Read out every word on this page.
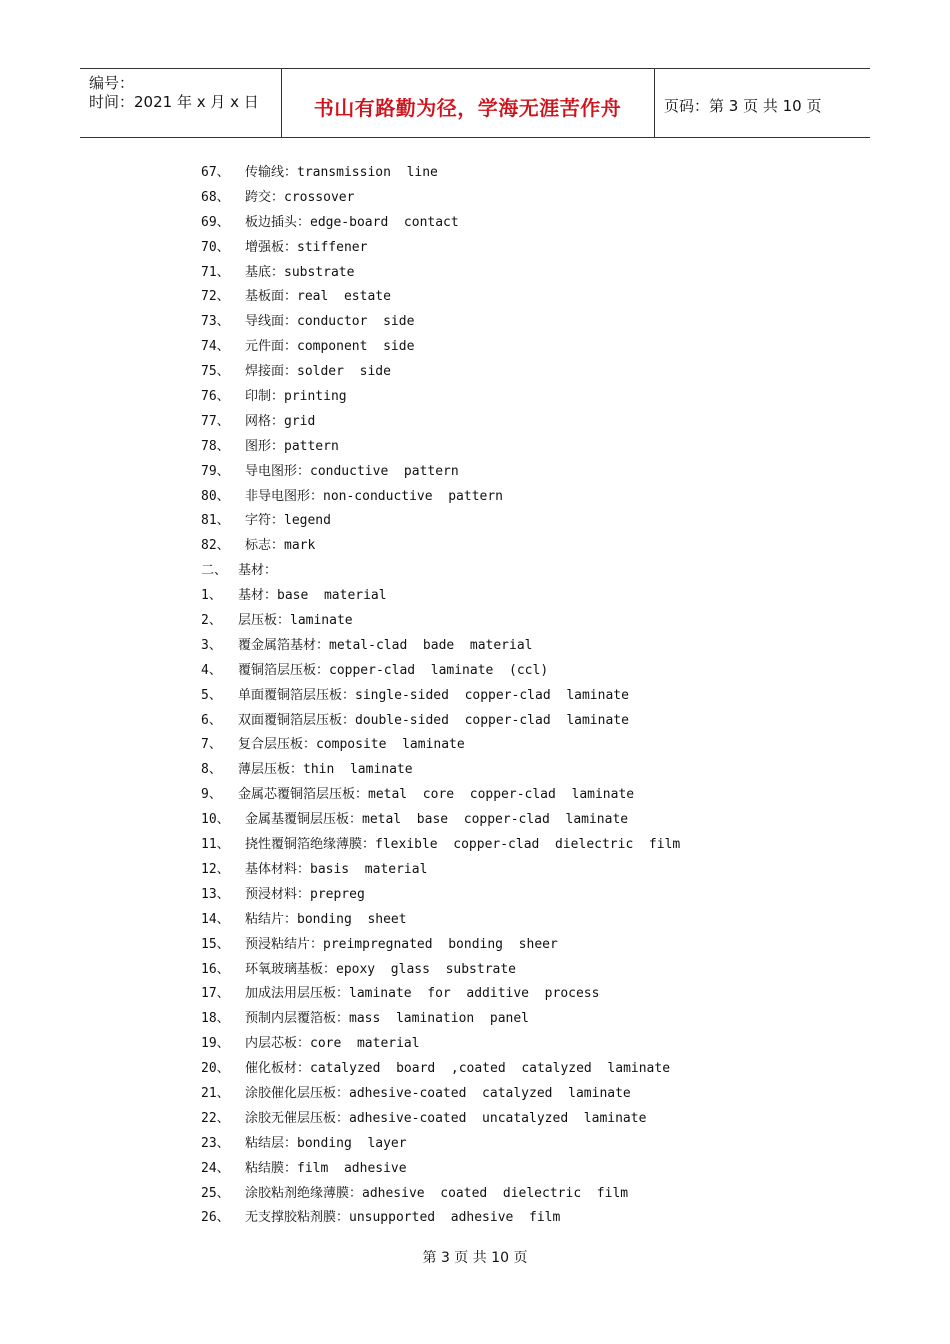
编号：
时间：2021 年 x 月 x 日	书山有路勤为径，学海无涯苦作舟	页码：第 3 页 共 10 页
67、 传输线：transmission  line
68、 跨交：crossover
69、 板边插头：edge-board  contact
70、 增强板：stiffener
71、 基底：substrate
72、 基板面：real  estate
73、 导线面：conductor  side
74、 元件面：component  side
75、 焊接面：solder  side
76、 印制：printing
77、 网格：grid
78、 图形：pattern
79、 导电图形：conductive  pattern
80、 非导电图形：non-conductive  pattern
81、 字符：legend
82、 标志：mark
二、 基材：
1、 基材：base  material
2、 层压板：laminate
3、 覆金属箔基材：metal-clad  bade  material
4、 覆铜箔层压板：copper-clad  laminate  (ccl)
5、 单面覆铜箔层压板：single-sided  copper-clad  laminate
6、 双面覆铜箔层压板：double-sided  copper-clad  laminate
7、 复合层压板：composite  laminate
8、 薄层压板：thin  laminate
9、 金属芯覆铜箔层压板：metal  core  copper-clad  laminate
10、 金属基覆铜层压板：metal  base  copper-clad  laminate
11、 挠性覆铜箔绝缘薄膜：flexible  copper-clad  dielectric  film
12、 基体材料：basis  material
13、 预浸材料：prepreg
14、 粘结片：bonding  sheet
15、 预浸粘结片：preimpregnated  bonding  sheer
16、 环氧玻璃基板：epoxy  glass  substrate
17、 加成法用层压板：laminate  for  additive  process
18、 预制内层覆箔板：mass  lamination  panel
19、 内层芯板：core  material
20、 催化板材：catalyzed  board  ,coated  catalyzed  laminate
21、 涂胶催化层压板：adhesive-coated  catalyzed  laminate
22、 涂胶无催层压板：adhesive-coated  uncatalyzed  laminate
23、 粘结层：bonding  layer
24、 粘结膜：film  adhesive
25、 涂胶粘剂绝缘薄膜：adhesive  coated  dielectric  film
26、 无支撑胶粘剂膜：unsupported  adhesive  film
第 3 页 共 10 页
